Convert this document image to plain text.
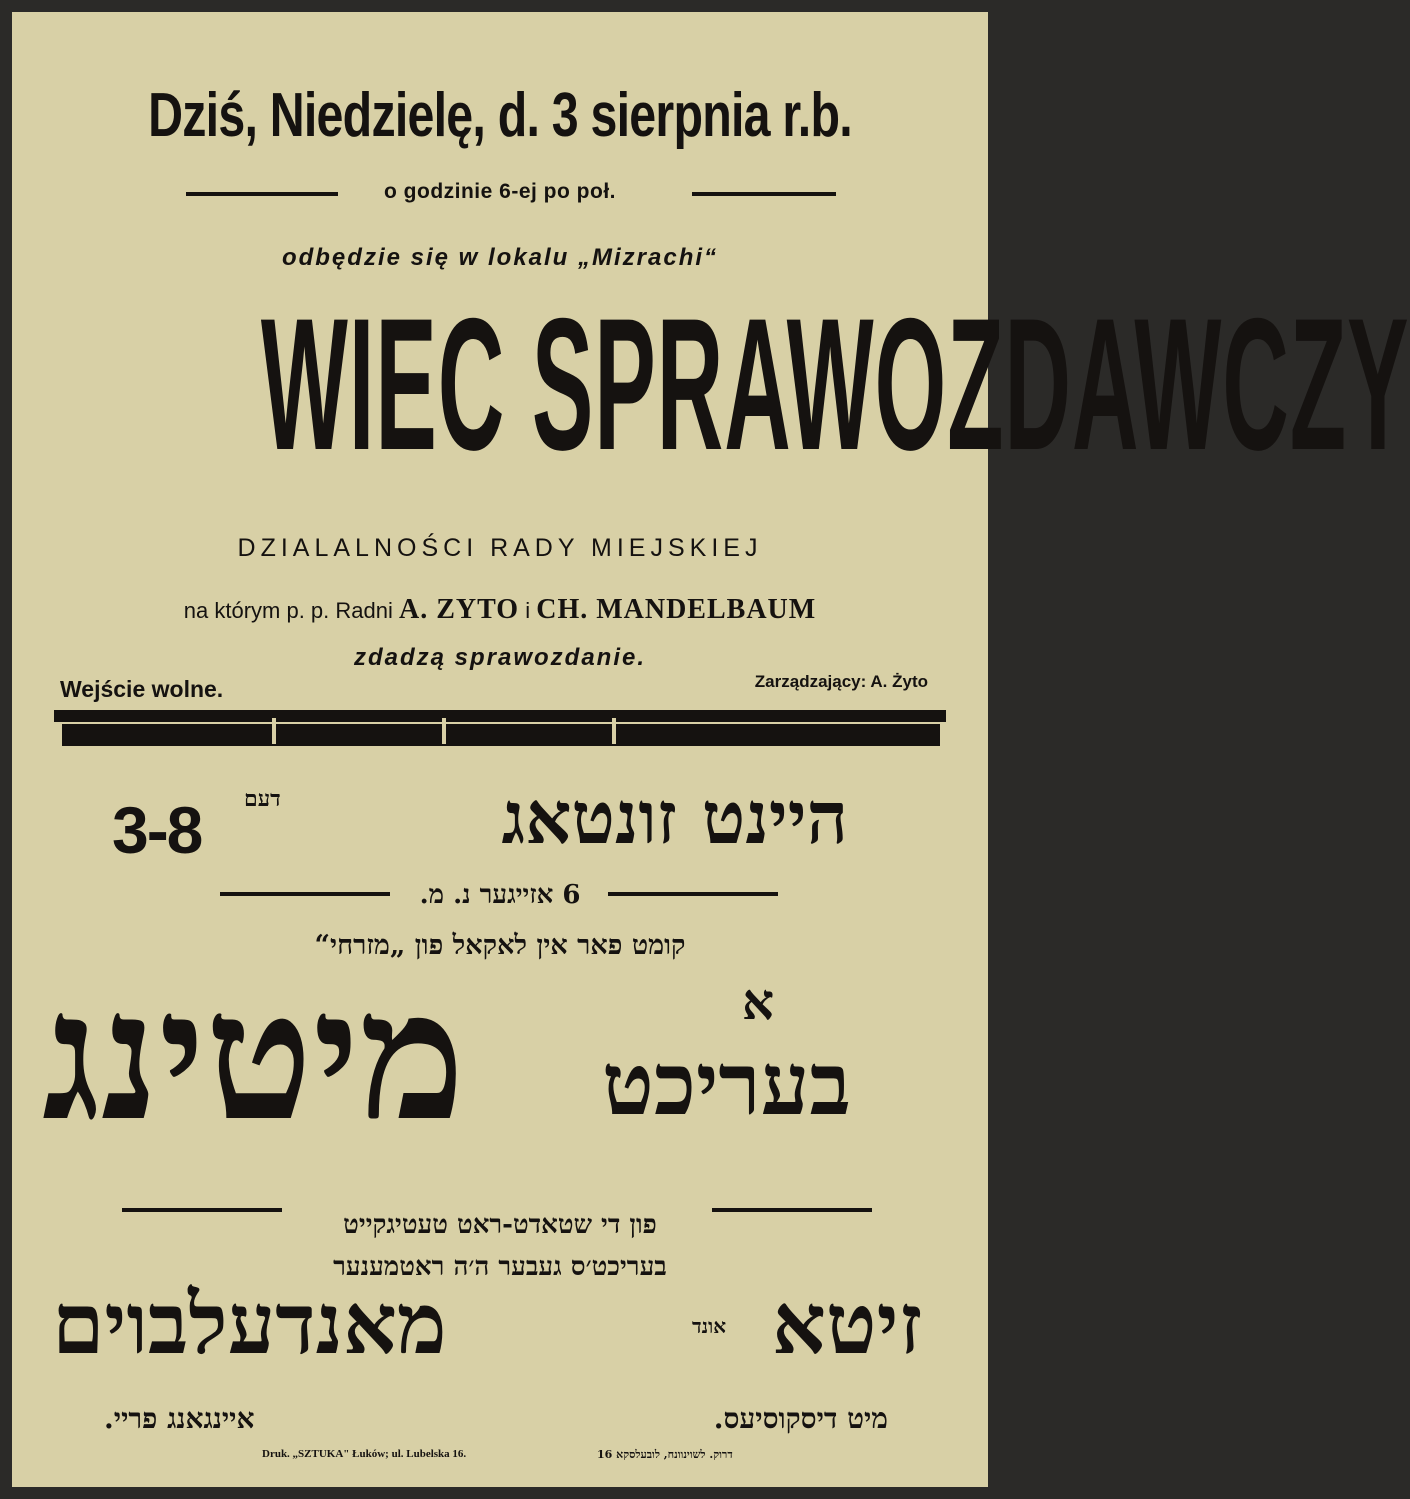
Dziś, Niedzielę, d. 3 sierpnia r.b.
o godzinie 6-ej po poł.
odbędzie się w lokalu „Mizrachi“
WIEC SPRAWOZDAWCZY
DZIALALNOŚCI RADY MIEJSKIEJ
na którym p. p. Radni A. ZYTO i CH. MANDELBAUM
zdadzą sprawozdanie.
Wejście wolne.	Zarządzający: A. Żyto
3-8 דעם	היינט זונטאג
6 אזייגער נ. מ.
קומט פאר אין לאקאל פון „מזרחי“
א
מיטינג בעריכט
פון די שטאדט-ראט טעטיגקייט
בעריכט׳ס געבער ה׳ה ראטמענער
מאנדעלבוים	אונד זיטא
איינגאנג פריי.	מיט דיסקוסיעס.
Druk. „SZTUKA" Łuków; ul. Lubelska 16.	דרוק. לשוינוונח, לובעלסקא 16
